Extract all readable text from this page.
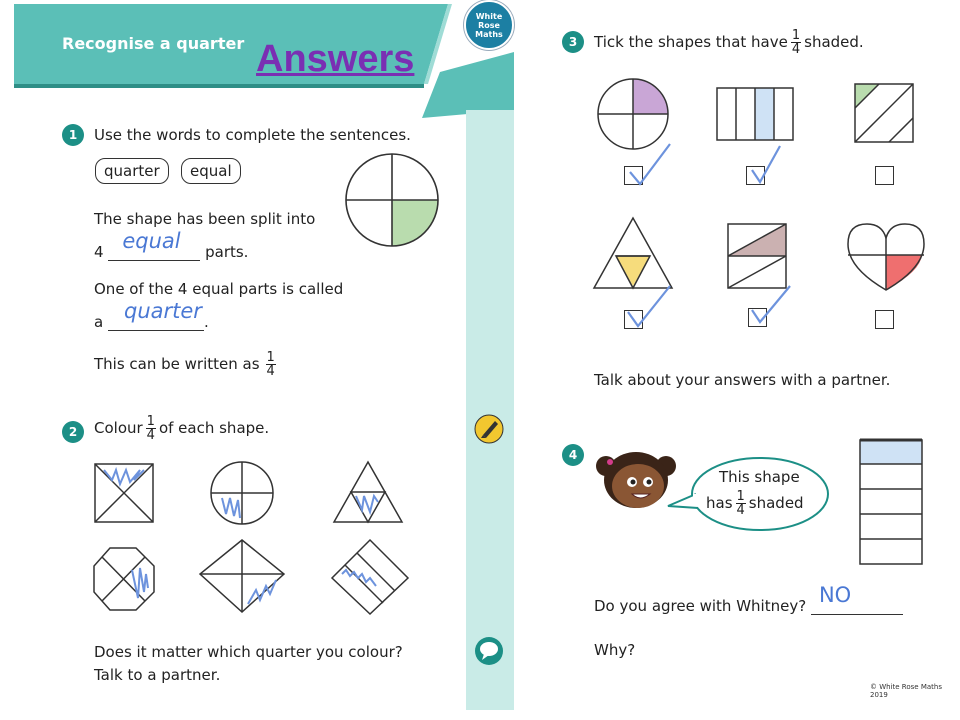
Recognise a quarter Answers
White
Rose
Maths
1 Use the words to complete the sentences.
quarter	equal
The shape has been split into
4 equal parts.
One of the 4 equal parts is called
a quarter .
This can be written as $\frac{1}{4}$
2 Colour $\frac{1}{4}$ of each shape.
Does it matter which quarter you colour?
Talk to a partner.
3 Tick the shapes that have $\frac{1}{4}$ shaded.
Talk about your answers with a partner.
4
This shape
has $\frac{1}{4}$ shaded
Do you agree with Whitney? NO
Why?
© White Rose Maths 2019
